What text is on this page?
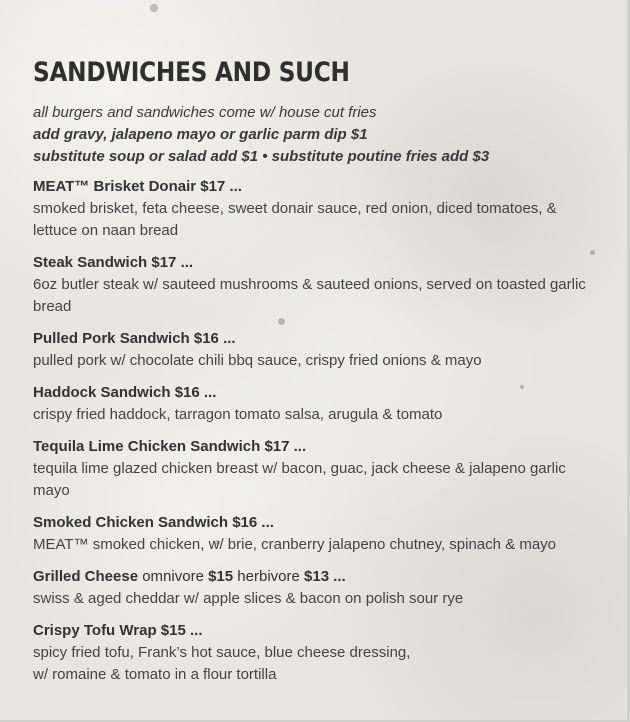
SANDWICHES AND SUCH
all burgers and sandwiches come w/ house cut fries
add gravy, jalapeno mayo or garlic parm dip $1
substitute soup or salad add $1 • substitute poutine fries add $3
MEAT™ Brisket Donair $17 ...
smoked brisket, feta cheese, sweet donair sauce, red onion, diced tomatoes, & lettuce on naan bread
Steak Sandwich $17 ...
6oz butler steak w/ sauteed mushrooms & sauteed onions, served on toasted garlic bread
Pulled Pork Sandwich $16 ...
pulled pork w/ chocolate chili bbq sauce, crispy fried onions & mayo
Haddock Sandwich $16 ...
crispy fried haddock, tarragon tomato salsa, arugula & tomato
Tequila Lime Chicken Sandwich $17 ...
tequila lime glazed chicken breast w/ bacon, guac, jack cheese & jalapeno garlic mayo
Smoked Chicken Sandwich $16 ...
MEAT™ smoked chicken, w/ brie, cranberry jalapeno chutney, spinach & mayo
Grilled Cheese omnivore $15 herbivore $13 ...
swiss & aged cheddar w/ apple slices & bacon on polish sour rye
Crispy Tofu Wrap $15 ...
spicy fried tofu, Frank’s hot sauce, blue cheese dressing,
w/ romaine & tomato in a flour tortilla
